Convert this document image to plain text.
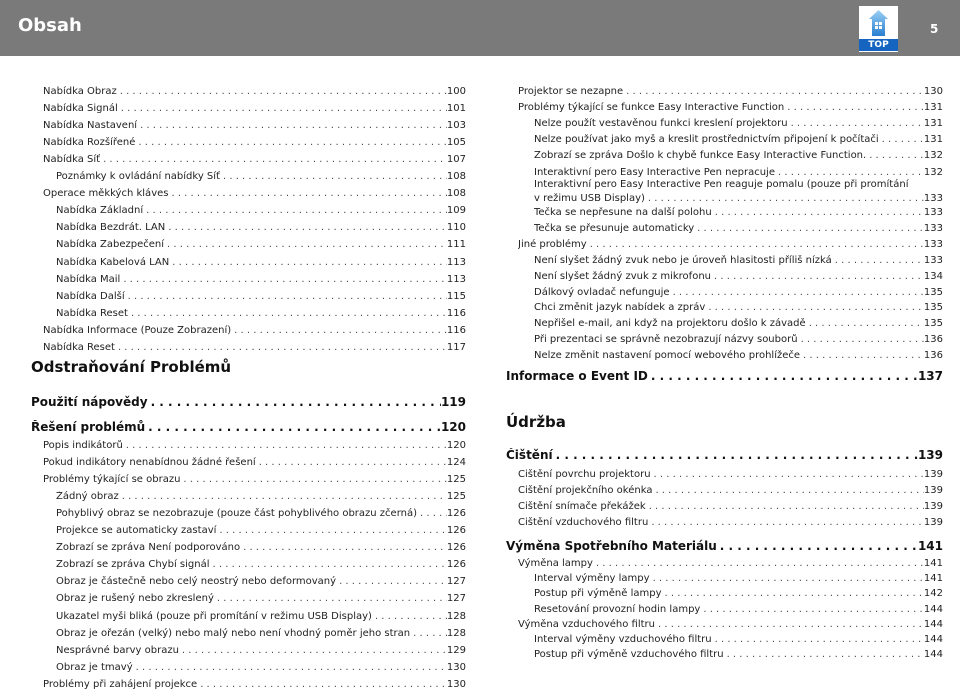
Obsah
TOP
5
Nabídka Obraz . . .	100
Nabídka Signál . . .	101
Nabídka Nastavení . . .	103
Nabídka Rozšířené . . .	105
Nabídka Síť . . .	107
Poznámky k ovládání nabídky Síť . . .	108
Operace měkkých kláves . . .	108
Nabídka Základní . . .	109
Nabídka Bezdrát. LAN . . .	110
Nabídka Zabezpečení . . .	111
Nabídka Kabelová LAN . . .	113
Nabídka Mail . . .	113
Nabídka Další . . .	115
Nabídka Reset . . .	116
Nabídka Informace (Pouze Zobrazení) . . .	116
Nabídka Reset . . .	117
Odstraňování Problémů
Použití nápovědy . . .	119
Řešení problémů . . .	120
Popis indikátorů . . .	120
Pokud indikátory nenabídnou žádné řešení . . .	124
Problémy týkající se obrazu . . .	125
Žádný obraz . . .	125
Pohyblivý obraz se nezobrazuje (pouze část pohyblivého obrazu zčerná) . . .	126
Projekce se automaticky zastaví . . .	126
Zobrazí se zpráva Není podporováno . . .	126
Zobrazí se zpráva Chybí signál . . .	126
Obraz je částečně nebo celý neostrý nebo deformovaný . . .	127
Obraz je rušený nebo zkreslený . . .	127
Ukazatel myši bliká (pouze při promítání v režimu USB Display) . . .	128
Obraz je ořezán (velký) nebo malý nebo není vhodný poměr jeho stran . . .	128
Nesprávné barvy obrazu . . .	129
Obraz je tmavý . . .	130
Problémy při zahájení projekce . . .	130
Projektor se nezapne . . .	130
Problémy týkající se funkce Easy Interactive Function . . .	131
Nelze použít vestavěnou funkci kreslení projektoru . . .	131
Nelze používat jako myš a kreslit prostřednictvím připojení k počítači . . .	131
Zobrazí se zpráva Došlo k chybě funkce Easy Interactive Function. . . .	132
Interaktivní pero Easy Interactive Pen nepracuje . . .	132
Interaktivní pero Easy Interactive Pen reaguje pomalu (pouze při promítání
v režimu USB Display) . . .	133
Tečka se nepřesune na další polohu . . .	133
Tečka se přesunuje automaticky . . .	133
Jiné problémy . . .	133
Není slyšet žádný zvuk nebo je úroveň hlasitosti příliš nízká . . .	133
Není slyšet žádný zvuk z mikrofonu . . .	134
Dálkový ovladač nefunguje . . .	135
Chci změnit jazyk nabídek a zpráv . . .	135
Nepřišel e-mail, ani když na projektoru došlo k závadě . . .	135
Při prezentaci se správně nezobrazují názvy souborů . . .	136
Nelze změnit nastavení pomocí webového prohlížeče . . .	136
Informace o Event ID . . .	137
Údržba
Čištění . . .	139
Čištění povrchu projektoru . . .	139
Čištění projekčního okénka . . .	139
Čištění snímače překážek . . .	139
Čištění vzduchového filtru . . .	139
Výměna Spotřebního Materiálu . . .	141
Výměna lampy . . .	141
Interval výměny lampy . . .	141
Postup při výměně lampy . . .	142
Resetování provozní hodin lampy . . .	144
Výměna vzduchového filtru . . .	144
Interval výměny vzduchového filtru . . .	144
Postup při výměně vzduchového filtru . . .	144
